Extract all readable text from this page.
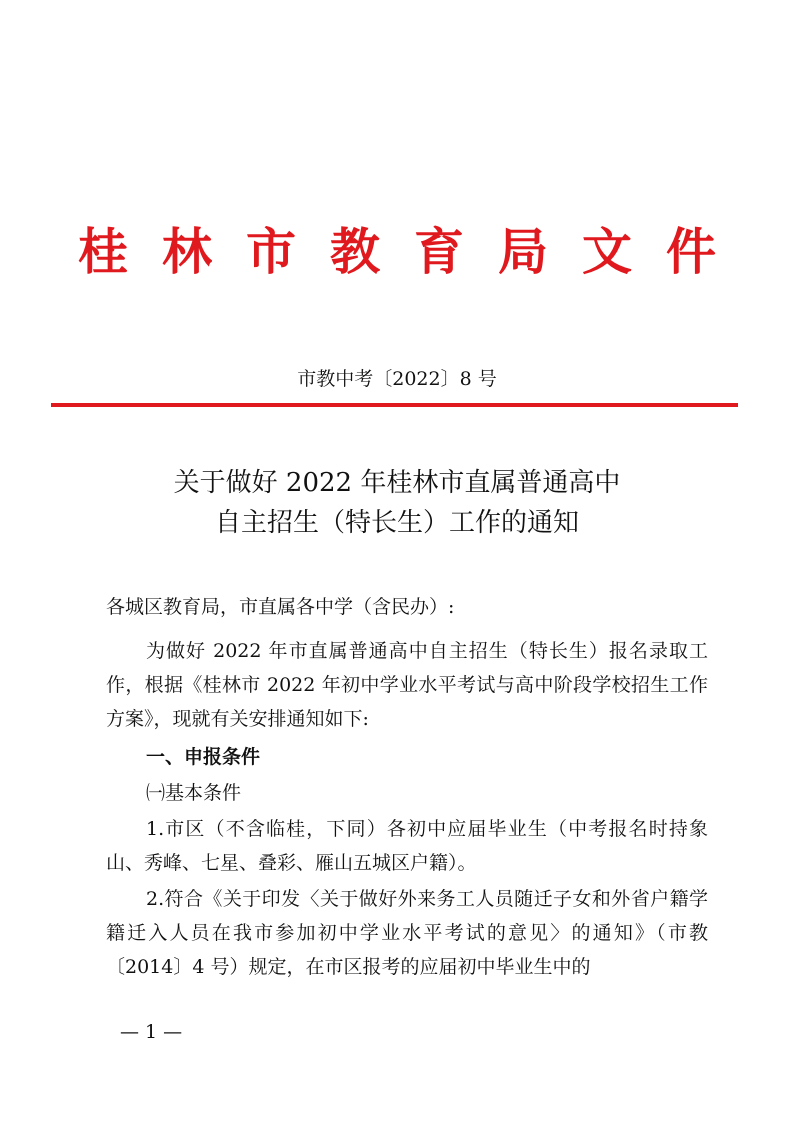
桂林市教育局文件
市教中考〔2022〕8 号
关于做好 2022 年桂林市直属普通高中
自主招生（特长生）工作的通知

各城区教育局，市直属各中学（含民办）:

为做好 2022 年市直属普通高中自主招生（特长生）报名录取工作，根据《桂林市 2022 年初中学业水平考试与高中阶段学校招生工作方案》，现就有关安排通知如下:

一、申报条件

㈠基本条件

1.市区（不含临桂，下同）各初中应届毕业生（中考报名时持象山、秀峰、七星、叠彩、雁山五城区户籍）。

2.符合《关于印发〈关于做好外来务工人员随迁子女和外省户籍学籍迁入人员在我市参加初中学业水平考试的意见〉的通知》（市教〔2014〕4 号）规定，在市区报考的应届初中毕业生中的

— 1 —
